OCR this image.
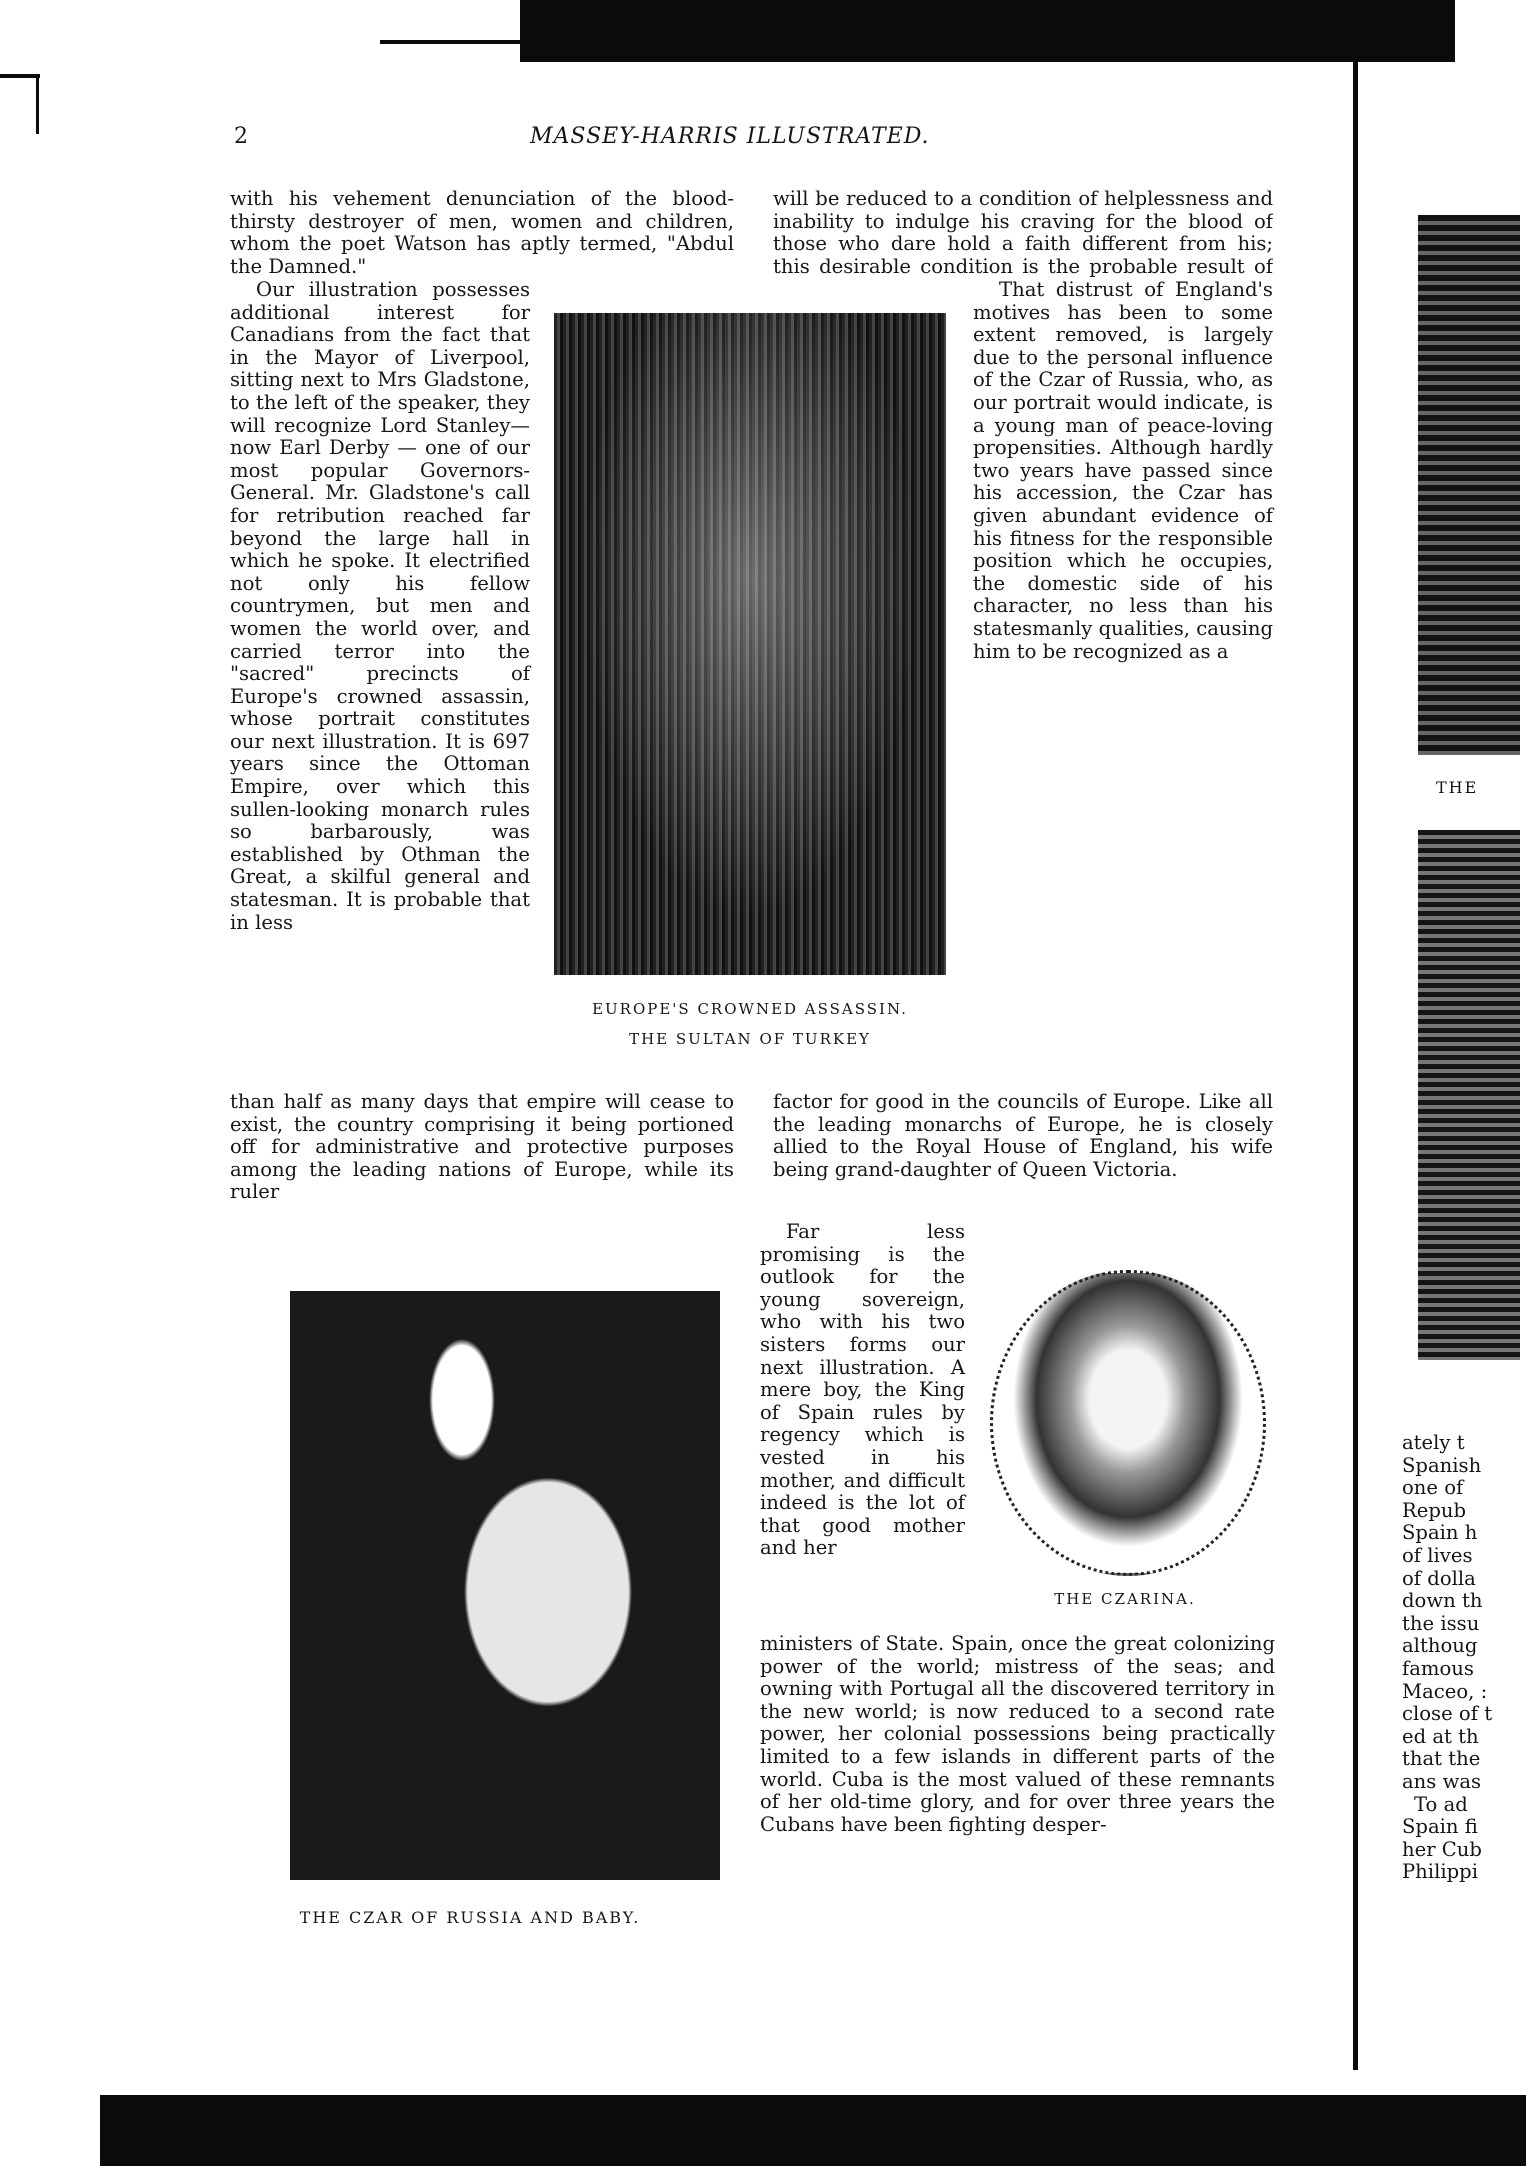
2	MASSEY-HARRIS ILLUSTRATED.

with his vehement denunciation of the blood-thirsty destroyer of men, women and children, whom the poet Watson has aptly termed, "Abdul the Damned."

Our illustration possesses additional interest for Canadians from the fact that in the Mayor of Liverpool, sitting next to Mrs Gladstone, to the left of the speaker, they will recognize Lord Stanley—now Earl Derby — one of our most popular Governors-General. Mr. Gladstone's call for retribution reached far beyond the large hall in which he spoke. It electrified not only his fellow countrymen, but men and women the world over, and carried terror into the "sacred" precincts of Europe's crowned assassin, whose portrait constitutes our next illustration. It is 697 years since the Ottoman Empire, over which this sullen-looking monarch rules so barbarously, was established by Othman the Great, a skilful general and statesman. It is probable that in less

EUROPE'S CROWNED ASSASSIN.
THE SULTAN OF TURKEY

than half as many days that empire will cease to exist, the country comprising it being portioned off for administrative and protective purposes among the leading nations of Europe, while its ruler

will be reduced to a condition of helplessness and inability to indulge his craving for the blood of those who dare hold a faith different from his; this desirable condition is the probable result of

That distrust of England's motives has been to some extent removed, is largely due to the personal influence of the Czar of Russia, who, as our portrait would indicate, is a young man of peace-loving propensities. Although hardly two years have passed since his accession, the Czar has given abundant evidence of his fitness for the responsible position which he occupies, the domestic side of his character, no less than his statesmanly qualities, causing him to be recognized as a

factor for good in the councils of Europe. Like all the leading monarchs of Europe, he is closely allied to the Royal House of England, his wife being grand-daughter of Queen Victoria.

Far less promising is the outlook for the young sovereign, who with his two sisters forms our next illustration. A mere boy, the King of Spain rules by regency which is vested in his mother, and difficult indeed is the lot of that good mother and her

THE CZARINA.

ministers of State. Spain, once the great colonizing power of the world; mistress of the seas; and owning with Portugal all the discovered territory in the new world; is now reduced to a second rate power, her colonial possessions being practically limited to a few islands in different parts of the world. Cuba is the most valued of these remnants of her old-time glory, and for over three years the Cubans have been fighting desper-

THE CZAR OF RUSSIA AND BABY.
THE
ately t
Spanish
one of
Repub
Spain h
of lives
of dolla
down th
the issu
althoug
famous
Maceo, :
close of t
ed at th
that the
ans was
To ad
Spain fi
her Cub
Philippi
